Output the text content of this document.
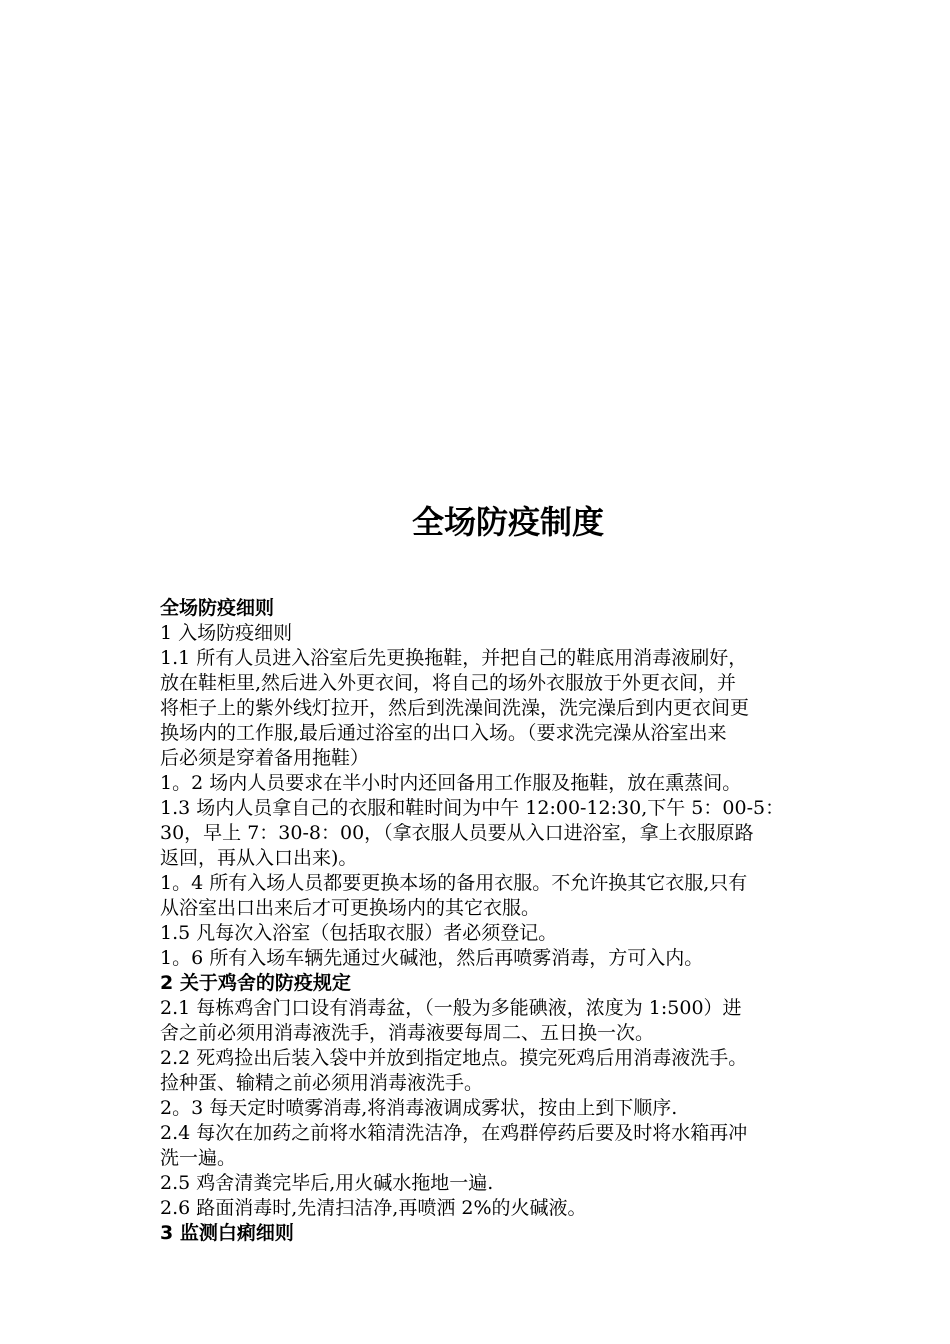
全场防疫制度
全场防疫细则
1 入场防疫细则
1.1 所有人员进入浴室后先更换拖鞋，并把自己的鞋底用消毒液刷好，
放在鞋柜里,然后进入外更衣间，将自己的场外衣服放于外更衣间，并
将柜子上的紫外线灯拉开，然后到洗澡间洗澡，洗完澡后到内更衣间更
换场内的工作服,最后通过浴室的出口入场。（要求洗完澡从浴室出来
后必须是穿着备用拖鞋）
1。2 场内人员要求在半小时内还回备用工作服及拖鞋，放在熏蒸间。
1.3 场内人员拿自己的衣服和鞋时间为中午 12:00-12:30,下午 5：00-5：
30，早上 7：30-8：00，（拿衣服人员要从入口进浴室，拿上衣服原路
返回，再从入口出来)。
1。4 所有入场人员都要更换本场的备用衣服。不允许换其它衣服,只有
从浴室出口出来后才可更换场内的其它衣服。
1.5 凡每次入浴室（包括取衣服）者必须登记。
1。6 所有入场车辆先通过火碱池，然后再喷雾消毒，方可入内。
2 关于鸡舍的防疫规定
2.1 每栋鸡舍门口设有消毒盆，（一般为多能碘液，浓度为 1:500）进
舍之前必须用消毒液洗手，消毒液要每周二、五日换一次。
2.2 死鸡捡出后装入袋中并放到指定地点。摸完死鸡后用消毒液洗手。
捡种蛋、输精之前必须用消毒液洗手。
2。3 每天定时喷雾消毒,将消毒液调成雾状，按由上到下顺序.
2.4 每次在加药之前将水箱清洗洁净，在鸡群停药后要及时将水箱再冲
洗一遍。
2.5 鸡舍清粪完毕后,用火碱水拖地一遍.
2.6 路面消毒时,先清扫洁净,再喷洒 2%的火碱液。
3 监测白痢细则
